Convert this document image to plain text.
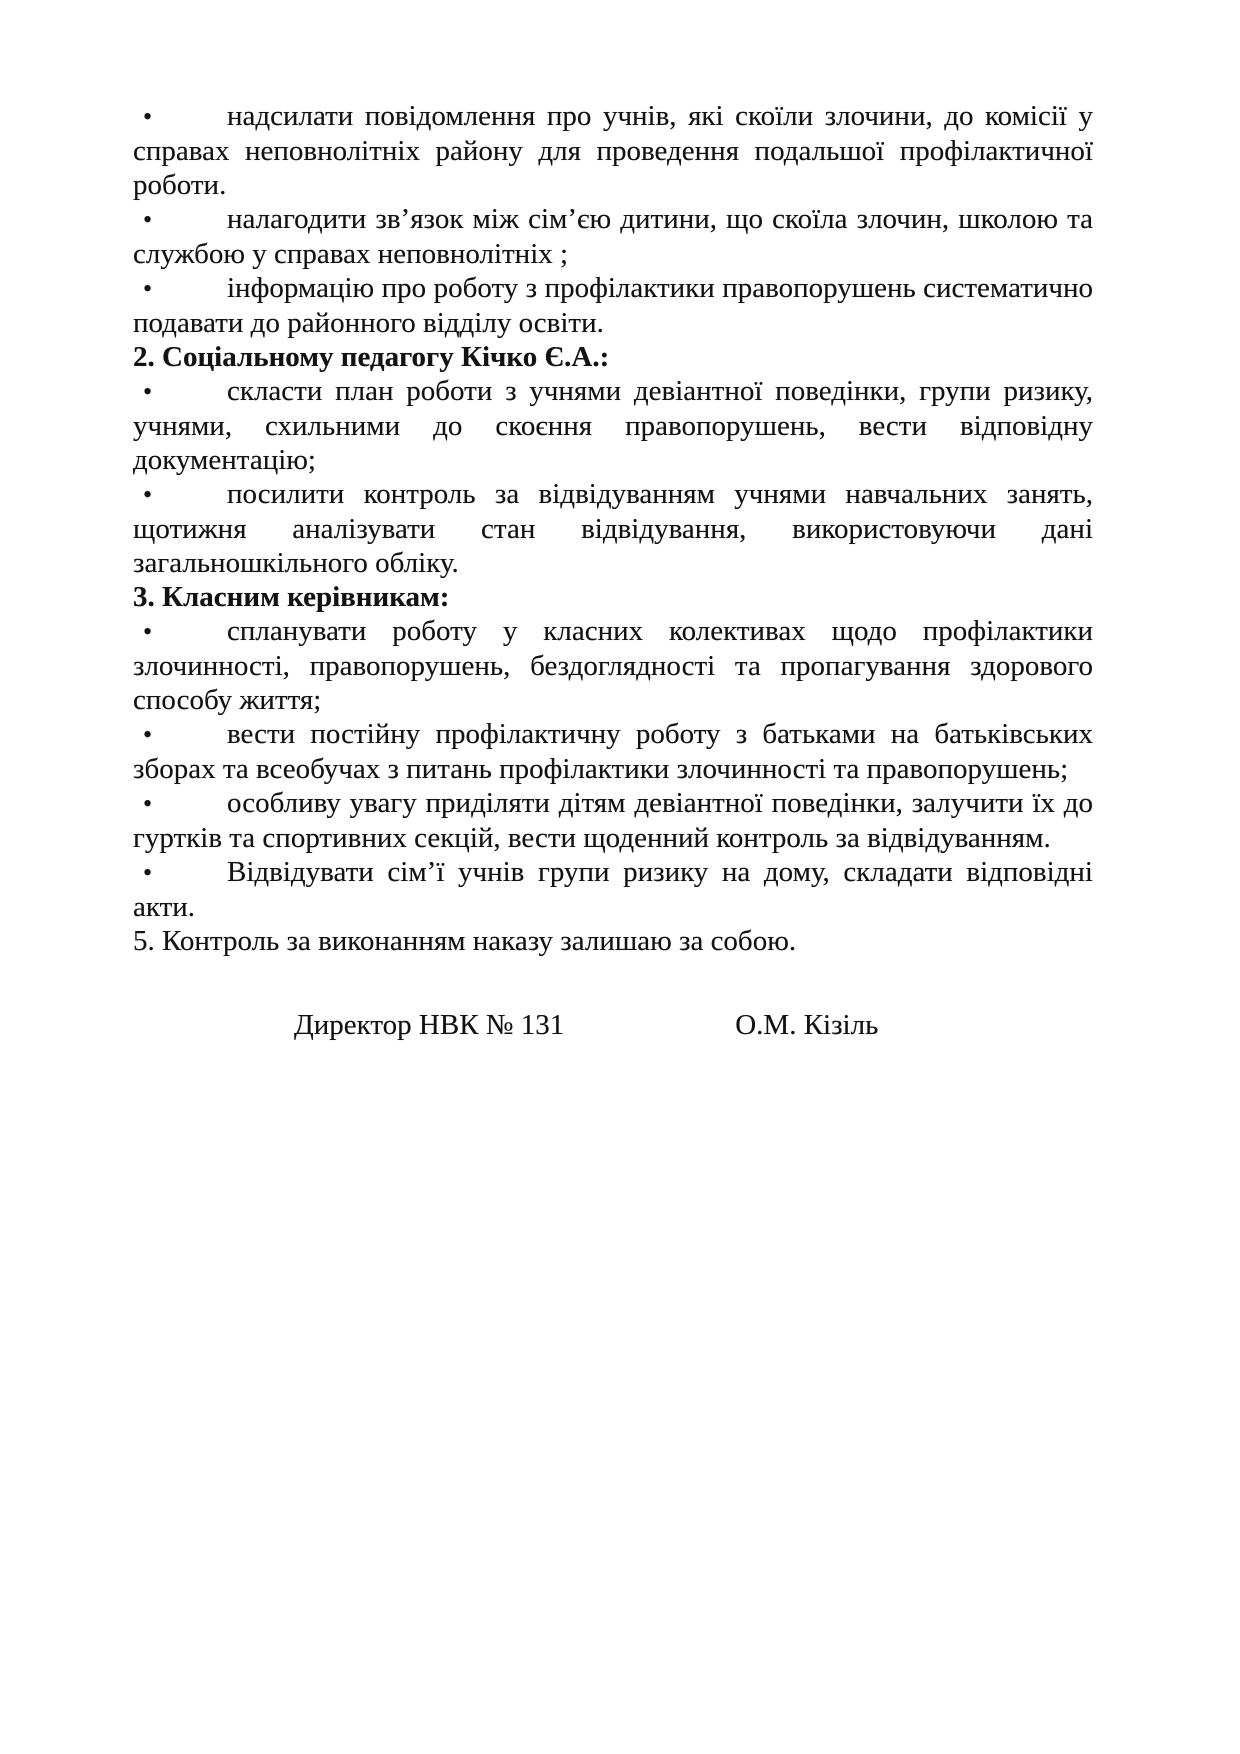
•	надсилати повідомлення про учнів, які скоїли злочини, до комісії у справах неповнолітніх району для проведення подальшої профілактичної роботи.

•	налагодити зв’язок між сім’єю дитини, що скоїла злочин, школою та службою у справах неповнолітніх ;

•	інформацію про роботу з профілактики правопорушень систематично подавати до районного відділу освіти.

2. Соціальному педагогу Кічко Є.А.:

•	скласти план роботи з учнями девіантної поведінки, групи ризику, учнями, схильними до скоєння правопорушень, вести відповідну документацію;

•	посилити контроль за відвідуванням учнями навчальних занять, щотижня аналізувати стан відвідування, використовуючи дані загальношкільного обліку.

3. Класним керівникам:

•	спланувати роботу у класних колективах щодо профілактики злочинності, правопорушень, бездоглядності та пропагування здорового способу життя;

•	вести постійну профілактичну роботу з батьками на батьківських зборах та всеобучах з питань профілактики злочинності та правопорушень;

•	особливу увагу приділяти дітям девіантної поведінки, залучити їх до гуртків та спортивних секцій, вести щоденний контроль за відвідуванням.

•	Відвідувати сім’ї учнів групи ризику на дому, складати відповідні акти.

5. Контроль за виконанням наказу залишаю за собою.

Директор НВК № 131	О.М. Кізіль
